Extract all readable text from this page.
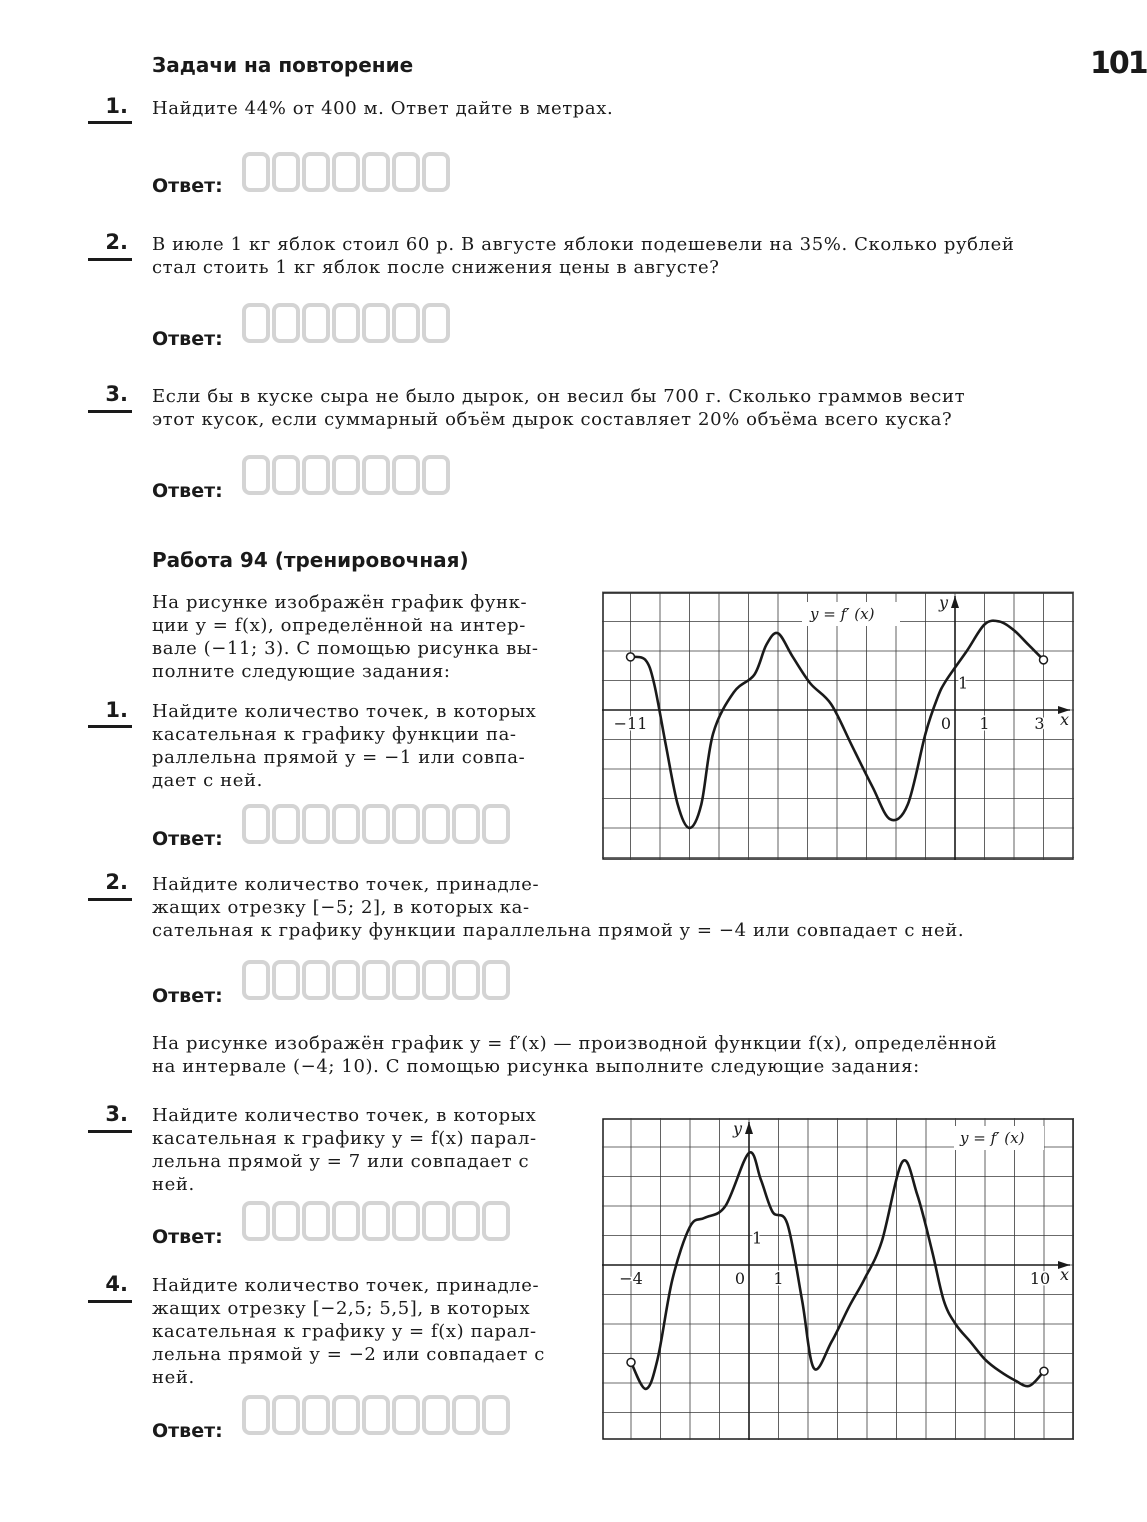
101
Задачи на повторение
1. Найдите 44% от 400 м. Ответ дайте в метрах.
Ответ:
2. В июле 1 кг яблок стоил 60 р. В августе яблоки подешевели на 35%. Сколько рублей
стал стоить 1 кг яблок после снижения цены в августе?
Ответ:
3. Если бы в куске сыра не было дырок, он весил бы 700 г. Сколько граммов весит
этот кусок, если суммарный объём дырок составляет 20% объёма всего куска?
Ответ:
Работа 94 (тренировочная)
На рисунке изображён график функ-
ции y = f(x), определённой на интер-
вале (−11; 3). С помощью рисунка вы-
полните следующие задания:
1. Найдите количество точек, в которых
касательная к графику функции па-
раллельна прямой y = −1 или совпа-
дает с ней.
Ответ:
2. Найдите количество точек, принадле-
жащих отрезку [−5; 2], в которых ка-
сательная к графику функции параллельна прямой y = −4 или совпадает с ней.
Ответ:
На рисунке изображён график y = f′(x) — производной функции f(x), определённой
на интервале (−4; 10). С помощью рисунка выполните следующие задания:
3. Найдите количество точек, в которых
касательная к графику y = f(x) парал-
лельна прямой y = 7 или совпадает с
ней.
Ответ:
4. Найдите количество точек, принадле-
жащих отрезку [−2,5; 5,5], в которых
касательная к графику y = f(x) парал-
лельна прямой y = −2 или совпадает с
ней.
Ответ:
y = f′ (x)
−11	0 1	3
1
x
y
y = f′ (x)
−4	0 1	10
1
x
y
